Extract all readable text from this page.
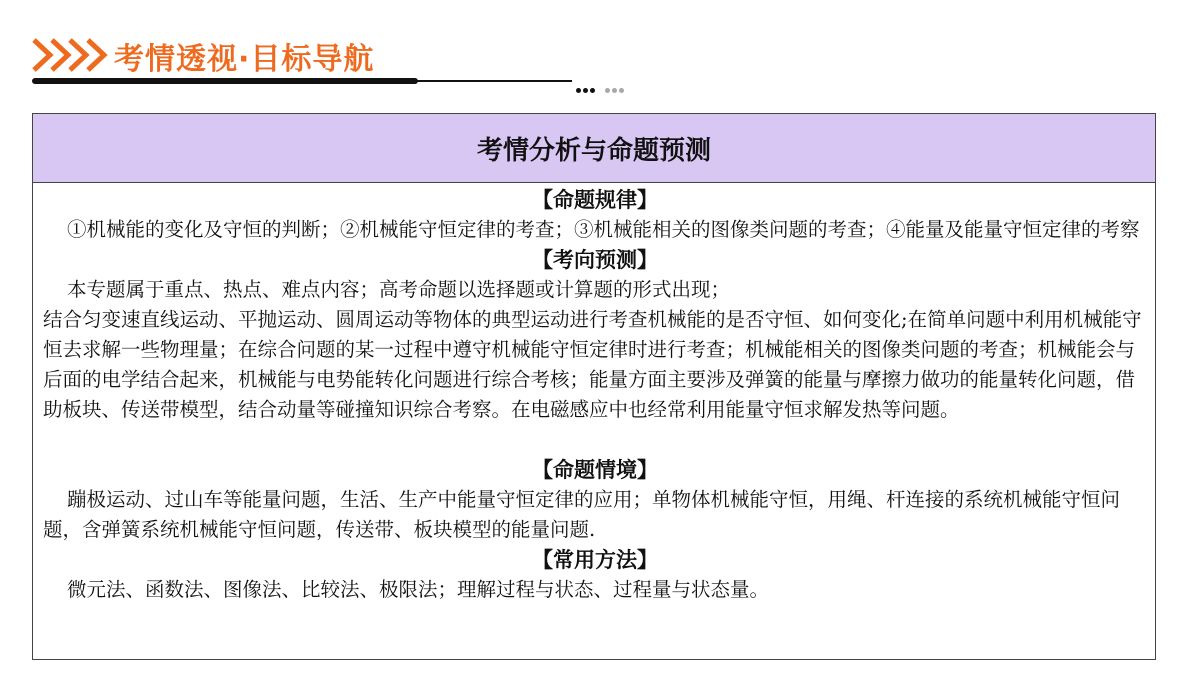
考情透视·目标导航
考情分析与命题预测
【命题规律】

①机械能的变化及守恒的判断；②机械能守恒定律的考查；③机械能相关的图像类问题的考查；④能量及能量守恒定律的考察

【考向预测】

本专题属于重点、热点、难点内容；高考命题以选择题或计算题的形式出现；

结合匀变速直线运动、平抛运动、圆周运动等物体的典型运动进行考查机械能的是否守恒、如何变化;在简单问题中利用机械能守恒去求解一些物理量；在综合问题的某一过程中遵守机械能守恒定律时进行考查；机械能相关的图像类问题的考查；机械能会与后面的电学结合起来，机械能与电势能转化问题进行综合考核；能量方面主要涉及弹簧的能量与摩擦力做功的能量转化问题，借助板块、传送带模型，结合动量等碰撞知识综合考察。在电磁感应中也经常利用能量守恒求解发热等问题。

【命题情境】

蹦极运动、过山车等能量问题，生活、生产中能量守恒定律的应用；单物体机械能守恒，用绳、杆连接的系统机械能守恒问题，含弹簧系统机械能守恒问题，传送带、板块模型的能量问题.

【常用方法】

微元法、函数法、图像法、比较法、极限法；理解过程与状态、过程量与状态量。
